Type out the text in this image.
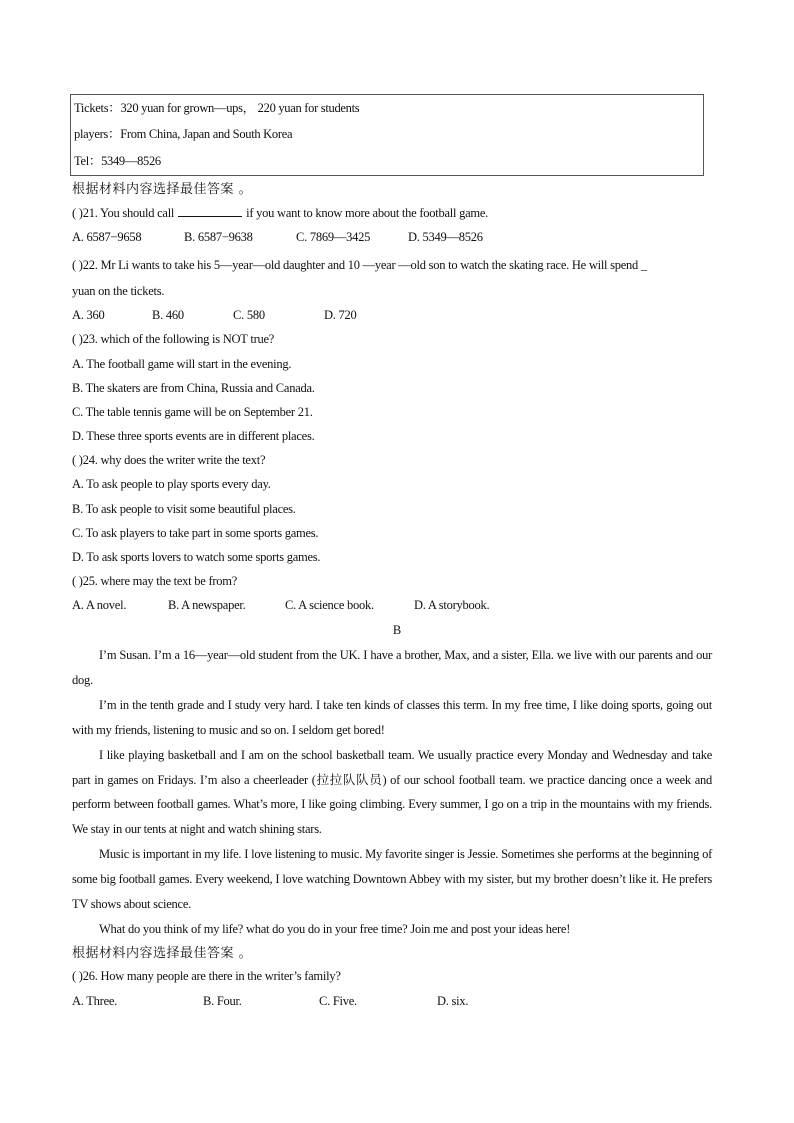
Tickets：320 yuan for grown—ups， 220 yuan for students
players：From China, Japan and South Korea
Tel：5349—8526
根据材料内容选择最佳答案 。
( )21. You should call	if you want to know more about the football game.
A. 6587−9658	B. 6587−9638	C. 7869—3425	D. 5349—8526
( )22. Mr Li wants to take his 5—year—old daughter and 10 —year —old son to watch the skating race. He will spend _
yuan on the tickets.
A. 360	B. 460	C. 580	D. 720
( )23. which of the following is NOT true?
A. The football game will start in the evening.
B. The skaters are from China, Russia and Canada.
C. The table tennis game will be on September 21.
D. These three sports events are in different places.
( )24. why does the writer write the text?
A. To ask people to play sports every day.
B. To ask people to visit some beautiful places.
C. To ask players to take part in some sports games.
D. To ask sports lovers to watch some sports games.
( )25. where may the text be from?
A. A novel.	B. A newspaper.	C. A science book.	D. A storybook.
B

I’m Susan. I’m a 16—year—old student from the UK. I have a brother, Max, and a sister, Ella. we live with our parents and our dog.

I’m in the tenth grade and I study very hard. I take ten kinds of classes this term. In my free time, I like doing sports, going out with my friends, listening to music and so on. I seldom get bored!

I like playing basketball and I am on the school basketball team. We usually practice every Monday and Wednesday and take part in games on Fridays. I’m also a cheerleader (拉拉队队员) of our school football team. we practice dancing once a week and perform between football games. What’s more, I like going climbing. Every summer, I go on a trip in the mountains with my friends. We stay in our tents at night and watch shining stars.

Music is important in my life. I love listening to music. My favorite singer is Jessie. Sometimes she performs at the beginning of some big football games. Every weekend, I love watching Downtown Abbey with my sister, but my brother doesn’t like it. He prefers TV shows about science.

What do you think of my life? what do you do in your free time? Join me and post your ideas here!

根据材料内容选择最佳答案 。
( )26. How many people are there in the writer’s family?
A. Three.	B. Four.	C. Five.	D. six.
